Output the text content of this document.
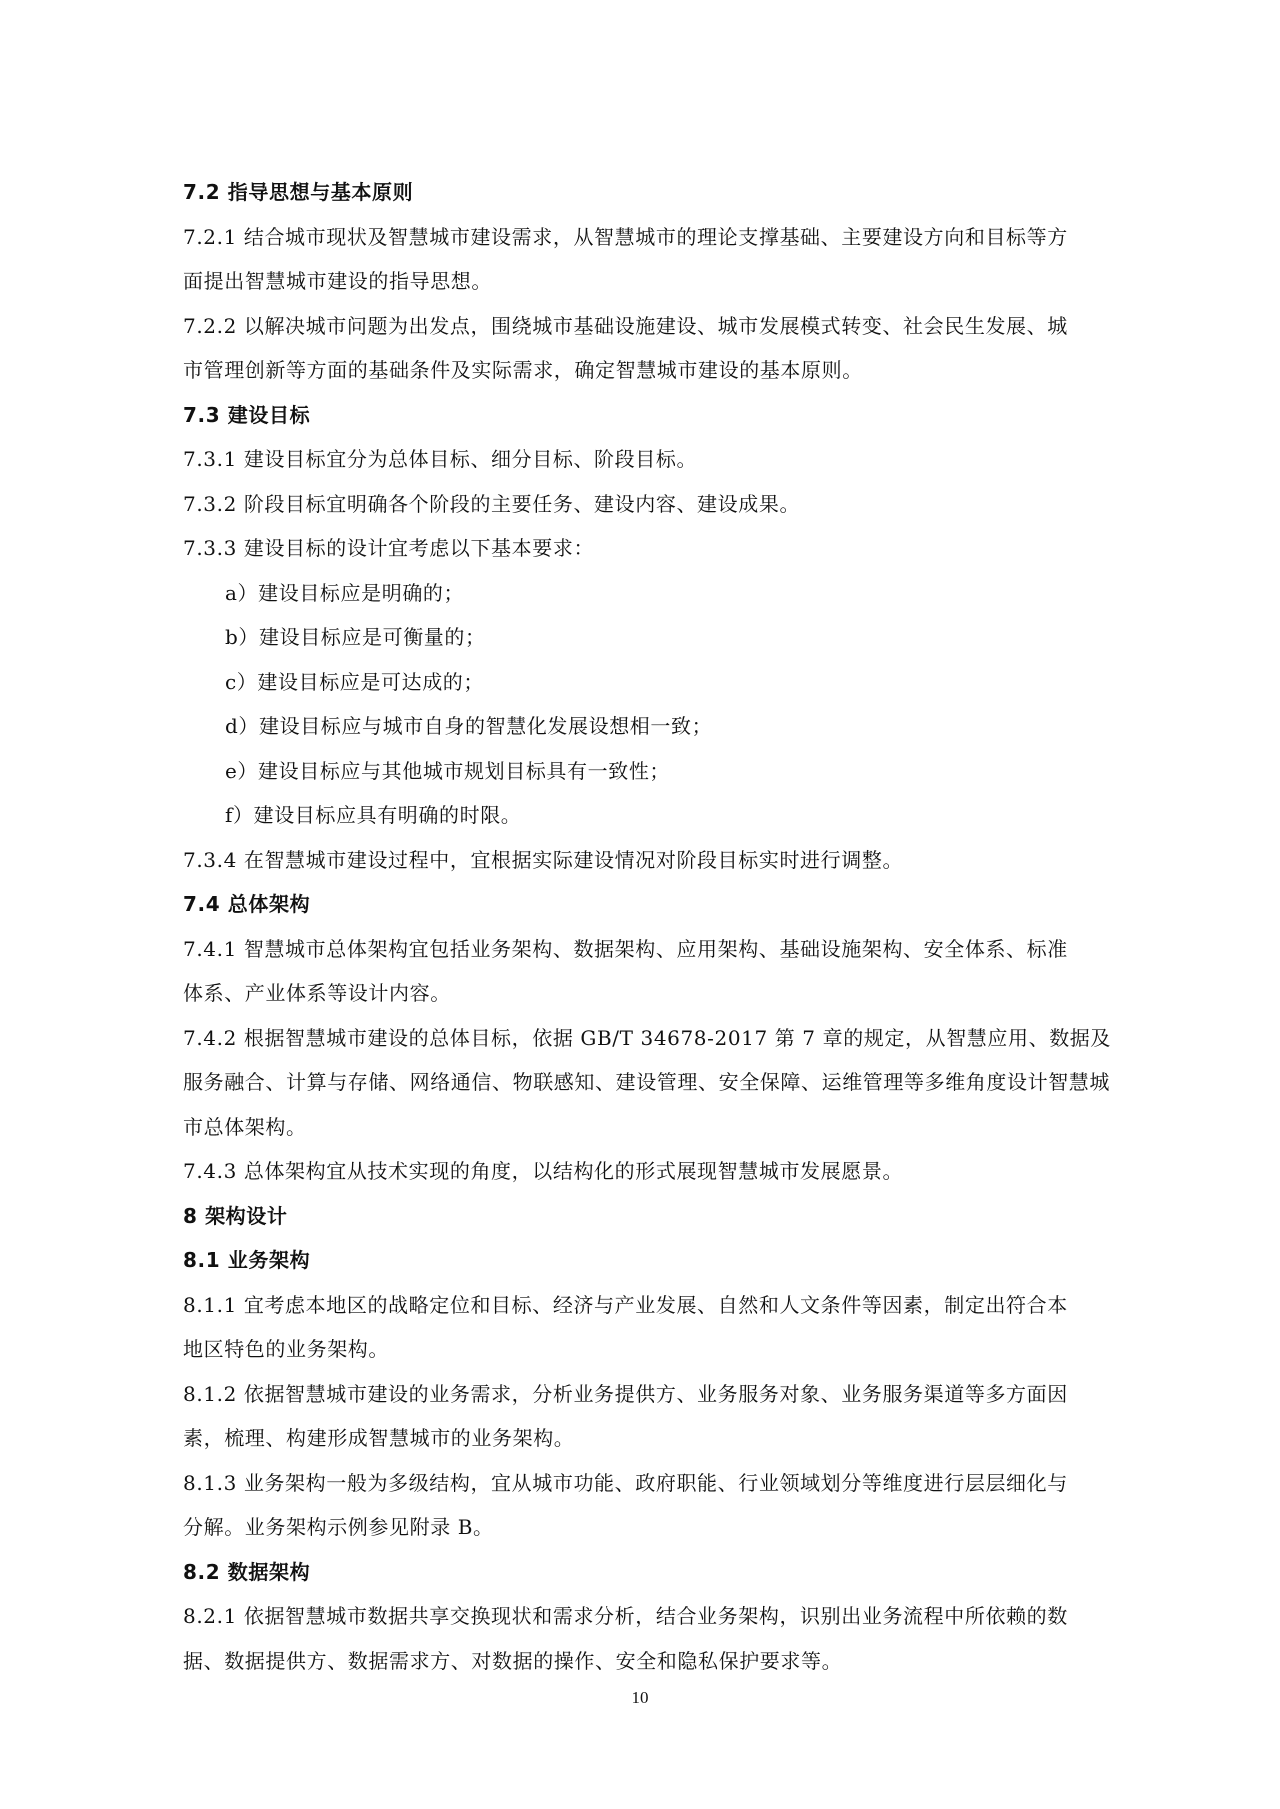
7.2 指导思想与基本原则
7.2.1 结合城市现状及智慧城市建设需求，从智慧城市的理论支撑基础、主要建设方向和目标等方
面提出智慧城市建设的指导思想。
7.2.2 以解决城市问题为出发点，围绕城市基础设施建设、城市发展模式转变、社会民生发展、城
市管理创新等方面的基础条件及实际需求，确定智慧城市建设的基本原则。
7.3 建设目标
7.3.1 建设目标宜分为总体目标、细分目标、阶段目标。
7.3.2 阶段目标宜明确各个阶段的主要任务、建设内容、建设成果。
7.3.3 建设目标的设计宜考虑以下基本要求：
a）建设目标应是明确的；
b）建设目标应是可衡量的；
c）建设目标应是可达成的；
d）建设目标应与城市自身的智慧化发展设想相一致；
e）建设目标应与其他城市规划目标具有一致性；
f）建设目标应具有明确的时限。
7.3.4 在智慧城市建设过程中，宜根据实际建设情况对阶段目标实时进行调整。
7.4 总体架构
7.4.1 智慧城市总体架构宜包括业务架构、数据架构、应用架构、基础设施架构、安全体系、标准
体系、产业体系等设计内容。
7.4.2 根据智慧城市建设的总体目标，依据 GB/T 34678-2017 第 7 章的规定，从智慧应用、数据及
服务融合、计算与存储、网络通信、物联感知、建设管理、安全保障、运维管理等多维角度设计智慧城
市总体架构。
7.4.3 总体架构宜从技术实现的角度，以结构化的形式展现智慧城市发展愿景。
8 架构设计
8.1 业务架构
8.1.1 宜考虑本地区的战略定位和目标、经济与产业发展、自然和人文条件等因素，制定出符合本
地区特色的业务架构。
8.1.2 依据智慧城市建设的业务需求，分析业务提供方、业务服务对象、业务服务渠道等多方面因
素，梳理、构建形成智慧城市的业务架构。
8.1.3 业务架构一般为多级结构，宜从城市功能、政府职能、行业领域划分等维度进行层层细化与
分解。业务架构示例参见附录 B。
8.2 数据架构
8.2.1 依据智慧城市数据共享交换现状和需求分析，结合业务架构，识别出业务流程中所依赖的数
据、数据提供方、数据需求方、对数据的操作、安全和隐私保护要求等。
10
